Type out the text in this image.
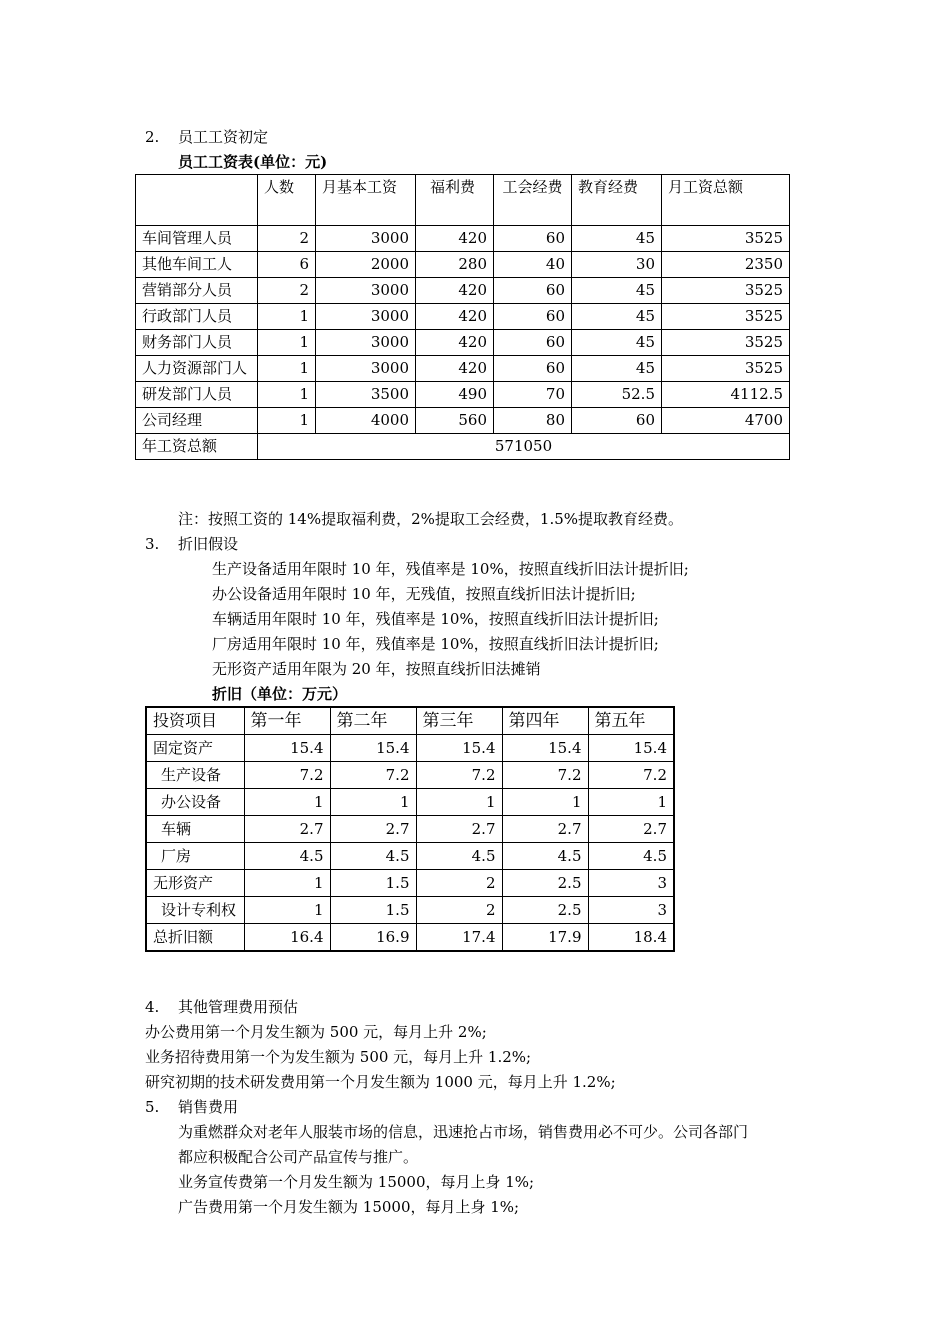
2. 员工工资初定
员工工资表(单位：元)
	人数	月基本工资	福利费	工会经费	教育经费	月工资总额
车间管理人员	2	3000	420	60	45	3525
其他车间工人	6	2000	280	40	30	2350
营销部分人员	2	3000	420	60	45	3525
行政部门人员	1	3000	420	60	45	3525
财务部门人员	1	3000	420	60	45	3525
人力资源部门人	1	3000	420	60	45	3525
研发部门人员	1	3500	490	70	52.5	4112.5
公司经理	1	4000	560	80	60	4700
年工资总额	571050					
注：按照工资的 14%提取福利费，2%提取工会经费，1.5%提取教育经费。
3. 折旧假设
生产设备适用年限时 10 年，残值率是 10%，按照直线折旧法计提折旧;
办公设备适用年限时 10 年，无残值，按照直线折旧法计提折旧;
车辆适用年限时 10 年，残值率是 10%，按照直线折旧法计提折旧;
厂房适用年限时 10 年，残值率是 10%，按照直线折旧法计提折旧;
无形资产适用年限为 20 年，按照直线折旧法摊销
折旧（单位：万元）
投资项目	第一年	第二年	第三年	第四年	第五年
固定资产	15.4	15.4	15.4	15.4	15.4
生产设备	7.2	7.2	7.2	7.2	7.2
办公设备	1	1	1	1	1
车辆	2.7	2.7	2.7	2.7	2.7
厂房	4.5	4.5	4.5	4.5	4.5
无形资产	1	1.5	2	2.5	3
设计专利权	1	1.5	2	2.5	3
总折旧额	16.4	16.9	17.4	17.9	18.4
4. 其他管理费用预估
办公费用第一个月发生额为 500 元，每月上升 2%;
业务招待费用第一个为发生额为 500 元，每月上升 1.2%;
研究初期的技术研发费用第一个月发生额为 1000 元，每月上升 1.2%;
5. 销售费用
为重燃群众对老年人服装市场的信息，迅速抢占市场，销售费用必不可少。公司各部门
都应积极配合公司产品宣传与推广。
业务宣传费第一个月发生额为 15000，每月上身 1%;
广告费用第一个月发生额为 15000，每月上身 1%;
